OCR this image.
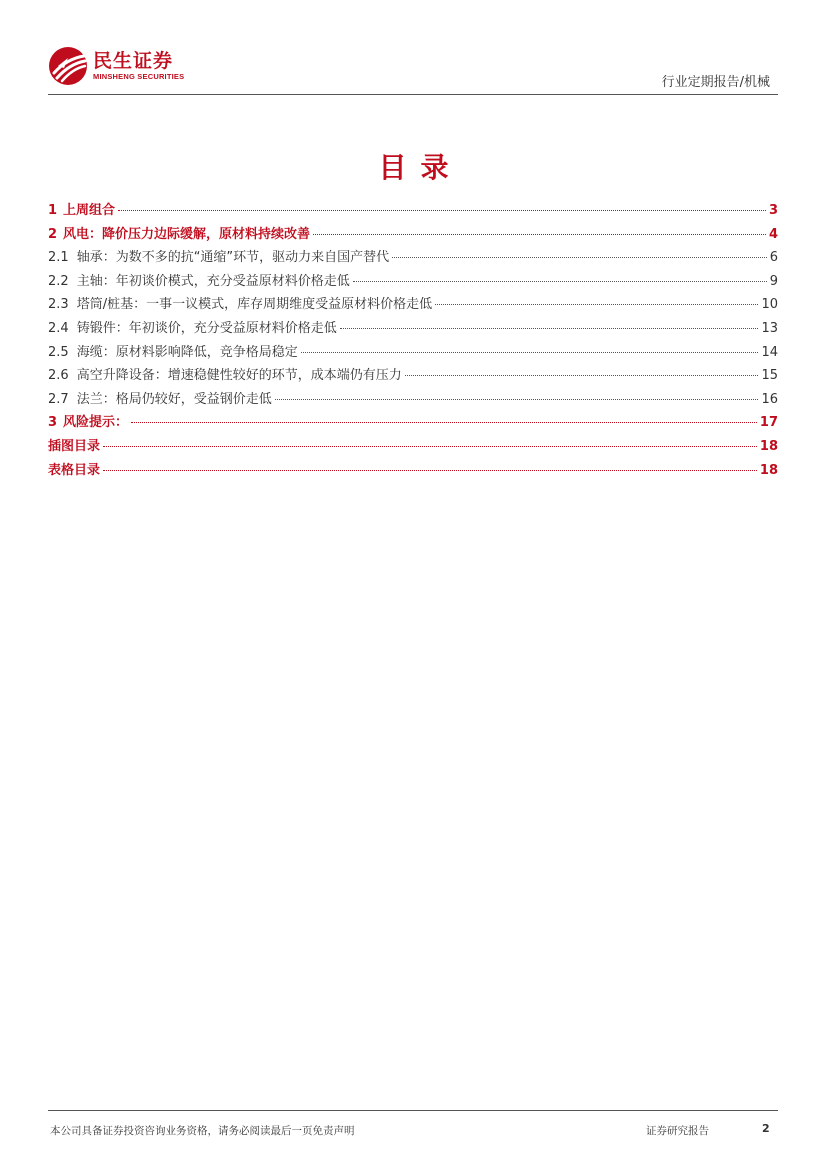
民生证券
MINSHENG SECURITIES	行业定期报告/机械
目录
1 上周组合	3
2 风电：降价压力边际缓解，原材料持续改善	4
2.1 轴承：为数不多的抗“通缩”环节，驱动力来自国产替代	6
2.2 主轴：年初谈价模式，充分受益原材料价格走低	9
2.3 塔筒/桩基：一事一议模式，库存周期维度受益原材料价格走低	10
2.4 铸锻件：年初谈价，充分受益原材料价格走低	13
2.5 海缆：原材料影响降低，竞争格局稳定	14
2.6 高空升降设备：增速稳健性较好的环节，成本端仍有压力	15
2.7 法兰：格局仍较好，受益钢价走低	16
3 风险提示：	17
插图目录	18
表格目录	18
本公司具备证券投资咨询业务资格，请务必阅读最后一页免责声明	证券研究报告	2
